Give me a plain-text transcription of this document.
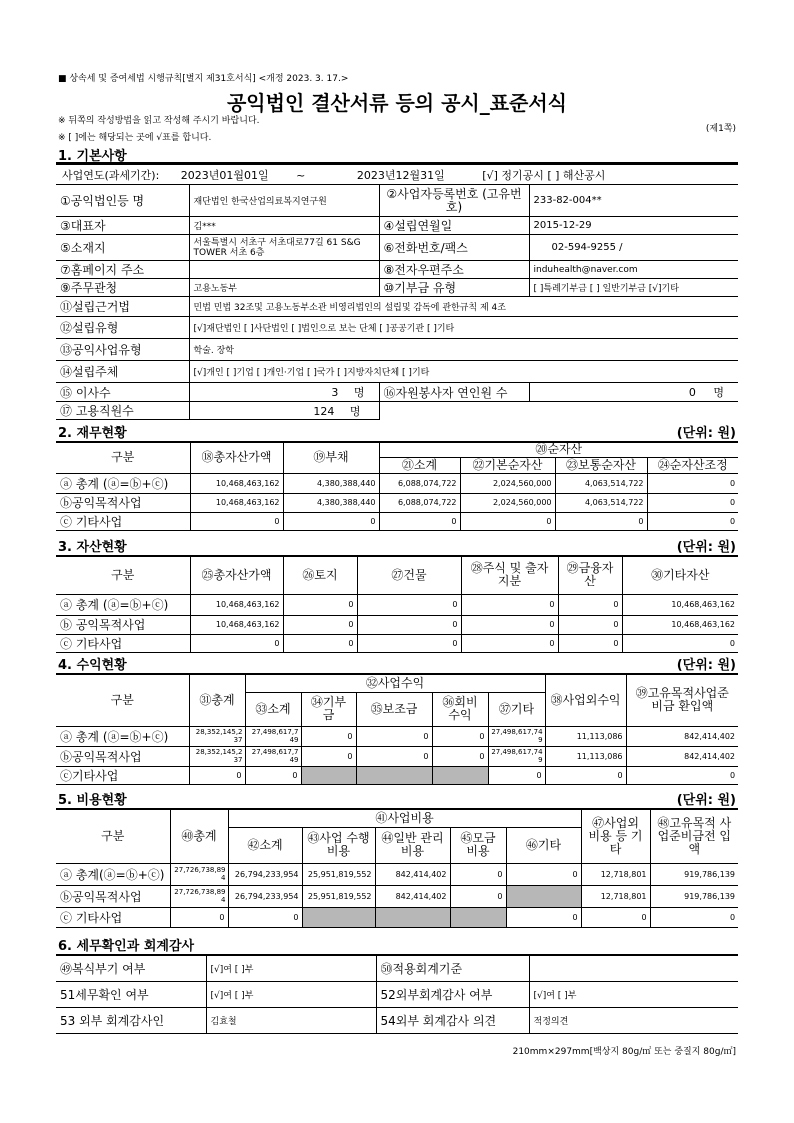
■ 상속세 및 증여세법 시행규칙[별지 제31호서식] <개정 2023. 3. 17.>
공익법인 결산서류 등의 공시_표준서식
※ 뒤쪽의 작성방법을 읽고 작성해 주시기 바랍니다.
※ [ ]에는 해당되는 곳에 √표를 합니다.
(제1쪽)
1. 기본사항
사업연도(과세기간): 2023년01월01일 ~ 2023년12월31일 [√] 정기공시 [ ] 해산공시			
①공익법인등 명	재단법인 한국산업의료복지연구원	②사업자등록번호 (고유번호)	233-82-004**
③대표자	김***	④설립연월일	2015-12-29
⑤소재지	서울특별시 서초구 서초대로77길 61 S&G TOWER 서초 6층	⑥전화번호/팩스	02-594-9255 /
⑦홈페이지 주소		⑧전자우편주소	induhealth@naver.com
⑨주무관청	고용노동부	⑩기부금 유형	[ ]특례기부금 [ ] 일반기부금 [√]기타
⑪설립근거법	민법 민법 32조및 고용노동부소관 비영리법인의 설립및 감독에 관한규칙 제 4조		
⑫설립유형	[√]재단법인 [ ]사단법인 [ ]법인으로 보는 단체 [ ]공공기관 [ ]기타		
⑬공익사업유형	학술. 장학		
⑭설립주체	[√]개인 [ ]기업 [ ]개인·기업 [ ]국가 [ ]지방자치단체 [ ]기타		
⑮ 이사수	3 명	⑯자원봉사자 연인원 수	0 명
⑰ 고용직원수	124 명		
2. 재무현황	(단위: 원)
구분	⑱총자산가액	⑲부채	⑳순자산			
			㉑소계	㉒기본순자산	㉓보통순자산	㉔순자산조정
ⓐ 총계 (ⓐ=ⓑ+ⓒ)	10,468,463,162	4,380,388,440	6,088,074,722	2,024,560,000	4,063,514,722	0
ⓑ공익목적사업	10,468,463,162	4,380,388,440	6,088,074,722	2,024,560,000	4,063,514,722	0
ⓒ 기타사업	0	0	0	0	0	0
3. 자산현황	(단위: 원)
구분	㉕총자산가액	㉖토지	㉗건물	㉘주식 및 출자지분	㉙금융자산	㉚기타자산
ⓐ 총계 (ⓐ=ⓑ+ⓒ)	10,468,463,162	0	0	0	0	10,468,463,162
ⓑ 공익목적사업	10,468,463,162	0	0	0	0	10,468,463,162
ⓒ 기타사업	0	0	0	0	0	0
4. 수익현황	(단위: 원)
구분	㉛총계	㉜사업수익					㊳사업외수익	㊴고유목적사업준비금 환입액
		㉝소계	㉞기부금	㉟보조금	㊱회비 수익	㊲기타		
ⓐ 총계 (ⓐ=ⓑ+ⓒ)	28,352,145,237	27,498,617,749	0	0	0	27,498,617,749	11,113,086	842,414,402
ⓑ공익목적사업	28,352,145,237	27,498,617,749	0	0	0	27,498,617,749	11,113,086	842,414,402
ⓒ기타사업	0	0				0	0	0
5. 비용현황	(단위: 원)
구분	㊵총계	㊶사업비용					㊼사업외 비용 등 기타	㊽고유목적 사업준비금전 입액
		㊷소계	㊸사업 수행비용	㊹일반 관리비용	㊺모금 비용	㊻기타		
ⓐ 총계(ⓐ=ⓑ+ⓒ)	27,726,738,894	26,794,233,954	25,951,819,552	842,414,402	0	0	12,718,801	919,786,139
ⓑ공익목적사업	27,726,738,894	26,794,233,954	25,951,819,552	842,414,402	0		12,718,801	919,786,139
ⓒ 기타사업	0	0				0	0	0
6. 세무확인과 회계감사
㊾복식부기 여부	[√]여 [ ]부	㊿적용회계기준	
51세무확인 여부	[√]여 [ ]부	52외부회계감사 여부	[√]여 [ ]부
53 외부 회계감사인	김효철	54외부 회계감사 의견	적정의견
210mm×297mm[백상지 80g/㎡ 또는 중질지 80g/㎡]
